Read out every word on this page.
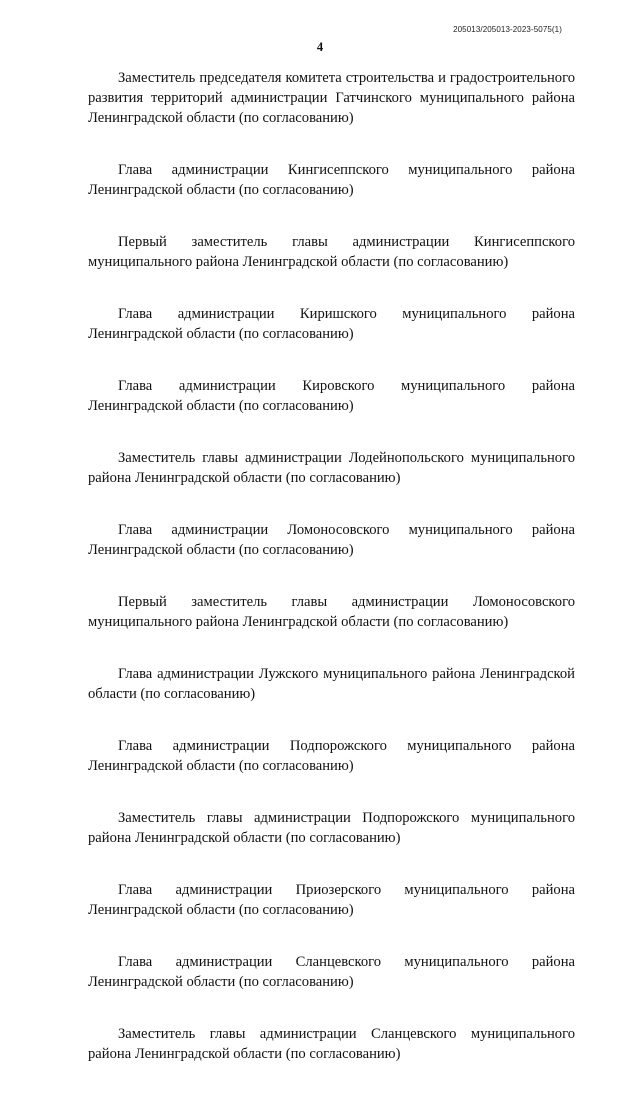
205013/205013-2023-5075(1)
4

Заместитель председателя комитета строительства и градостроительного развития территорий администрации Гатчинского муниципального района Ленинградской области (по согласованию)

Глава администрации Кингисеппского муниципального района Ленинградской области (по согласованию)

Первый заместитель главы администрации Кингисеппского муниципального района Ленинградской области (по согласованию)

Глава администрации Киришского муниципального района Ленинградской области (по согласованию)

Глава администрации Кировского муниципального района Ленинградской области (по согласованию)

Заместитель главы администрации Лодейнопольского муниципального района Ленинградской области (по согласованию)

Глава администрации Ломоносовского муниципального района Ленинградской области (по согласованию)

Первый заместитель главы администрации Ломоносовского муниципального района Ленинградской области (по согласованию)

Глава администрации Лужского муниципального района Ленинградской области (по согласованию)

Глава администрации Подпорожского муниципального района Ленинградской области (по согласованию)

Заместитель главы администрации Подпорожского муниципального района Ленинградской области (по согласованию)

Глава администрации Приозерского муниципального района Ленинградской области (по согласованию)

Глава администрации Сланцевского муниципального района Ленинградской области (по согласованию)

Заместитель главы администрации Сланцевского муниципального района Ленинградской области (по согласованию)
